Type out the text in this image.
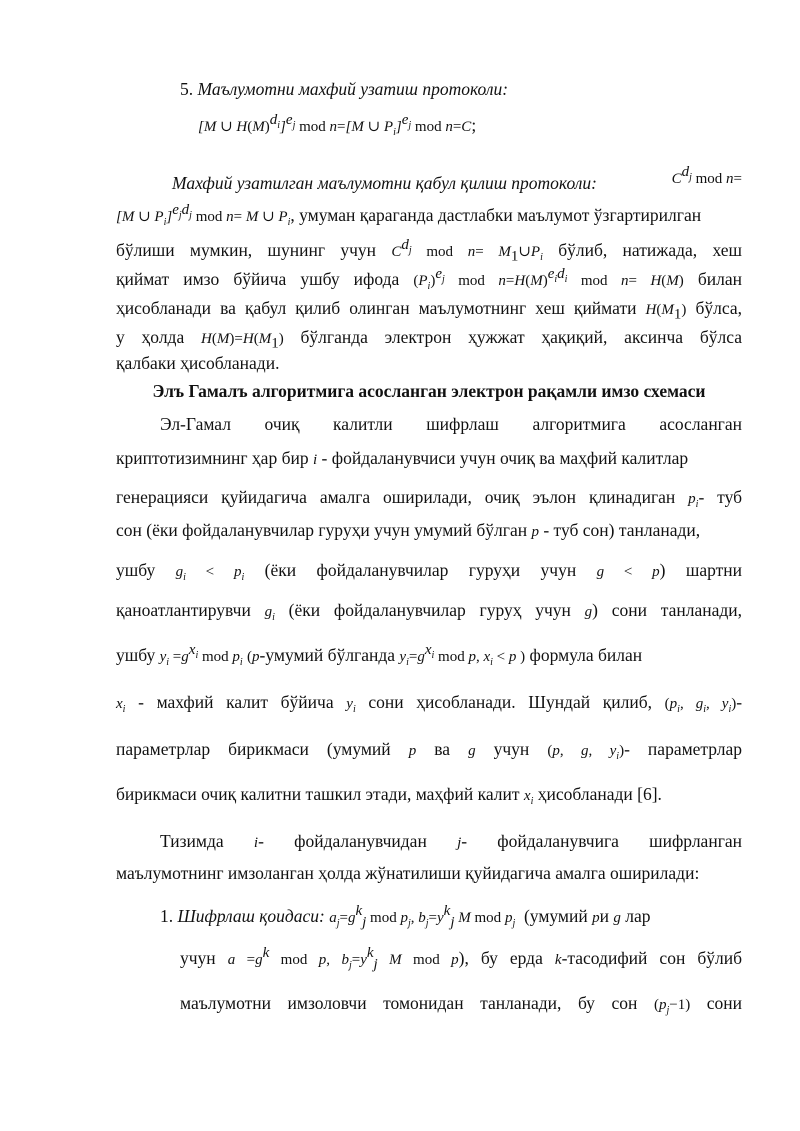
5. Маълумотни махфий узатиш протоколи:
[M ∪ $H(M)^{d_i}]^{e_j}$ mod n=[M ∪ $P_i]^{e_j}$ mod n=C;
Махфий узатилган маълумотни қабул қилиш протоколи:	$C^{d_j}$ mod n=
[M ∪ $P_i]^{e_jd_j}$ mod n= M ∪ $P_i$, умуман қараганда дастлабки маълумот ўзгартирилган
бўлиши мумкин, шунинг учун $C^{d_j}$ mod $n= M_1\cup P_i$ бўлиб, натижада, хеш
қиймат имзо бўйича ушбу ифода $(P_i)^{e_j}$ mod $n=H(M)^{e_id_i}$ mod n= H(M) билан
ҳисобланади ва қабул қилиб олинган маълумотнинг хеш қиймати $H(M_1)$ бўлса,
у ҳолда $H(M)=H(M_1)$ бўлганда электрон ҳужжат ҳақиқий, аксинча бўлса
қалбаки ҳисобланади.
Элъ Гамалъ алгоритмига асосланган электрон рақамли имзо схемаси
Эл-Гамал очиқ калитли шифрлаш алгоритмига асосланган
криптотизимнинг ҳар бир i - фойдаланувчиси учун очиқ ва маҳфий калитлар
генерацияси қуйидагича амалга оширилади, очиқ эълон қлинадиган $p_i-$ туб
сон (ёки фойдаланувчилар гуруҳи учун умумий бўлган p - туб сон) танланади,
ушбу $g_i < p_i$ (ёки фойдаланувчилар гуруҳи учун g < p) шартни
қаноатлантирувчи $g_i$ (ёки фойдаланувчилар гуруҳ учун g) сони танланади,
ушбу $y_i =g^{x_i}$ mod $p_i$ (p-умумий бўлганда $y_i=g^{x_i}$ mod p, $x_i < p$ ) формула билан
$x_i$ - махфий калит бўйича $y_i$ сони ҳисобланади. Шундай қилиб, ($p_i$, $g_i$, $y_i)-$
параметрлар бирикмаси (умумий p ва g учун (p, g, $y_i)-$ параметрлар
бирикмаси очиқ калитни ташкил этади, маҳфий калит $x_i$ ҳисобланади [6].
Тизимда i- фойдаланувчидан j- фойдаланувчига шифрланган
маълумотнинг имзоланган ҳолда жўнатилиши қуйидагича амалга оширилади:
1. Шифрлаш қоидаси: $a_j=g^k_j$ mod $p_j$, $b_j=y^k_j$ M mod $p_j$ (умумий pи g лар
учун $a =g^k$ mod p, $b_j=y^k_j$ M mod p), бу ерда k-тасодифий сон бўлиб
маълумотни имзоловчи томонидан танланади, бу сон $(p_j-1)$ сони
